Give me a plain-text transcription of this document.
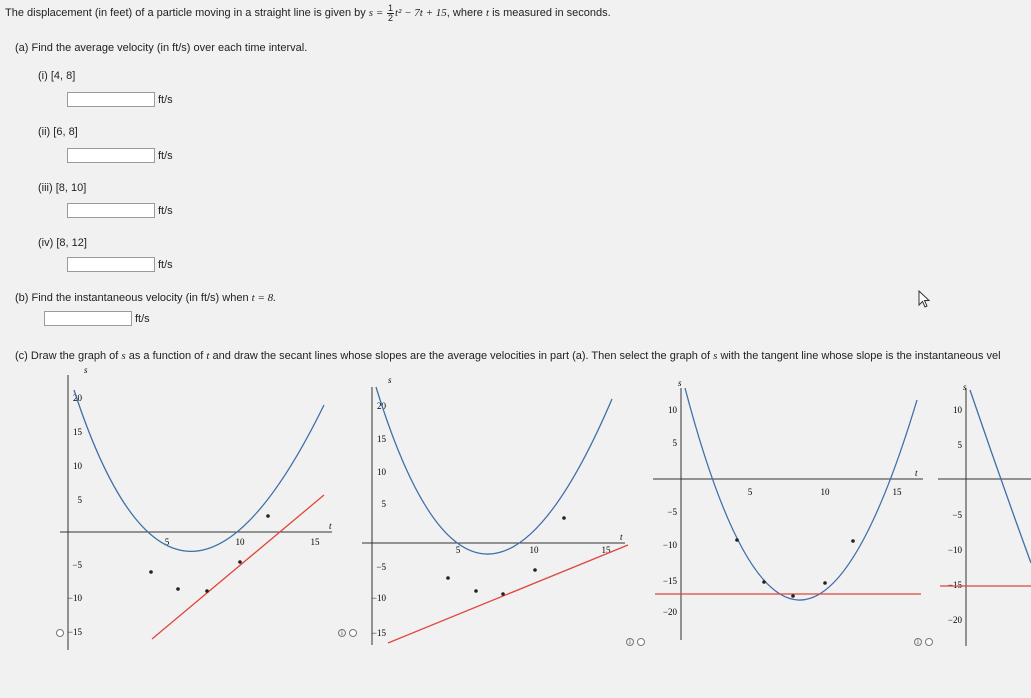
The displacement (in feet) of a particle moving in a straight line is given by $s = \frac{1}{2} t^2 - 7t + 15$, where t is measured in seconds.
(a) Find the average velocity (in ft/s) over each time interval.
(i) [4, 8]
ft/s
(ii) [6, 8]
ft/s
(iii) [8, 10]
ft/s
(iv) [8, 12]
ft/s
(b) Find the instantaneous velocity (in ft/s) when t = 8.
ft/s
(c) Draw the graph of s as a function of t and draw the secant lines whose slopes are the average velocities in part (a). Then select the graph of s with the tangent line whose slope is the instantaneous vel
s
t
20
15
10
5
−5
−10
−15
5	10	15
s
t
20
15
10
5
−5
−10
−15
5	10	15
i
s
t
10
5
−5
−10
−15
−20
5	10	15
i
s
10
5
−5
−10
−15
−20
i
